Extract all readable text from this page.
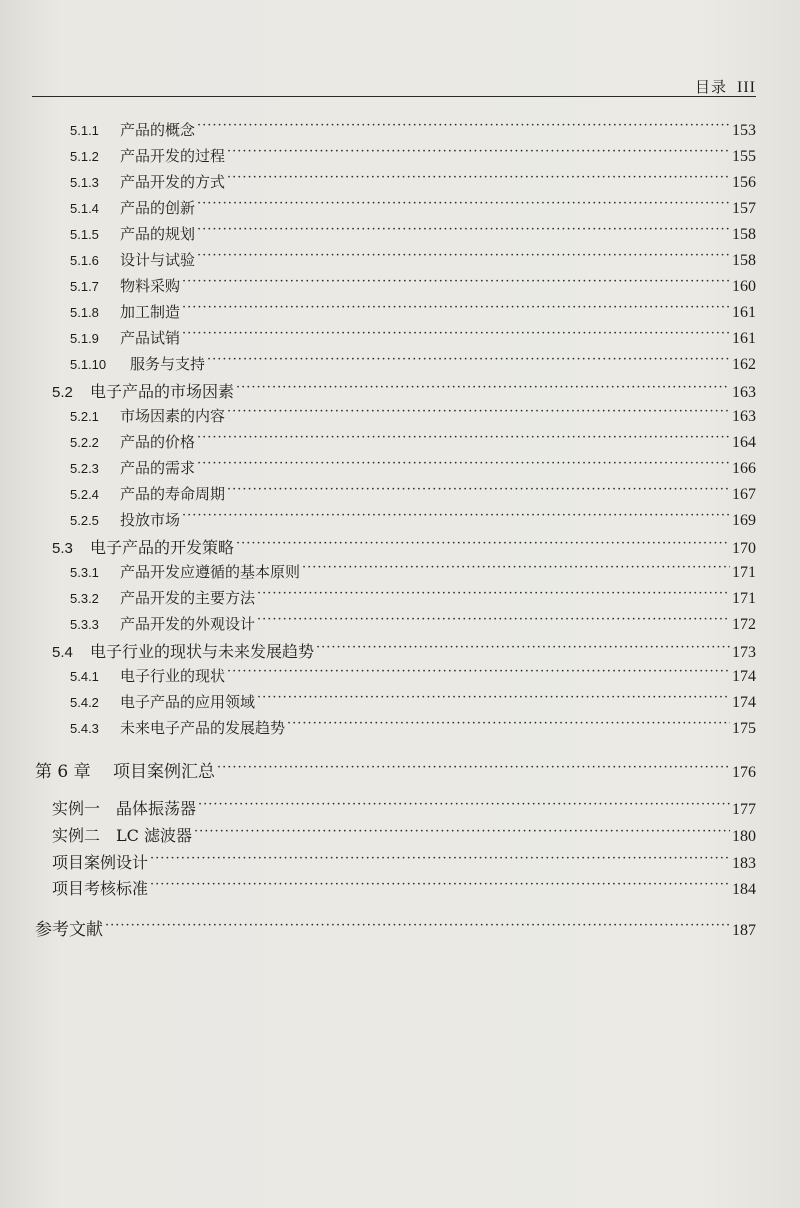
目录 III
5.1.1	产品的概念 ·····	153
5.1.2	产品开发的过程 ·····	155
5.1.3	产品开发的方式 ·····	156
5.1.4	产品的创新 ·····	157
5.1.5	产品的规划 ·····	158
5.1.6	设计与试验 ·····	158
5.1.7	物料采购 ·····	160
5.1.8	加工制造 ·····	161
5.1.9	产品试销 ·····	161
5.1.10	服务与支持 ·····	162
5.2	电子产品的市场因素 ·····	163
5.2.1	市场因素的内容 ·····	163
5.2.2	产品的价格 ·····	164
5.2.3	产品的需求 ·····	166
5.2.4	产品的寿命周期 ·····	167
5.2.5	投放市场 ·····	169
5.3	电子产品的开发策略 ·····	170
5.3.1	产品开发应遵循的基本原则 ·····	171
5.3.2	产品开发的主要方法 ·····	171
5.3.3	产品开发的外观设计 ·····	172
5.4	电子行业的现状与未来发展趋势 ·····	173
5.4.1	电子行业的现状 ·····	174
5.4.2	电子产品的应用领域 ·····	174
5.4.3	未来电子产品的发展趋势 ·····	175
第 6 章	项目案例汇总 ·····	176
实例一　晶体振荡器 ·····	177
实例二　LC 滤波器 ·····	180
项目案例设计 ·····	183
项目考核标准 ·····	184
参考文献 ·····	187
